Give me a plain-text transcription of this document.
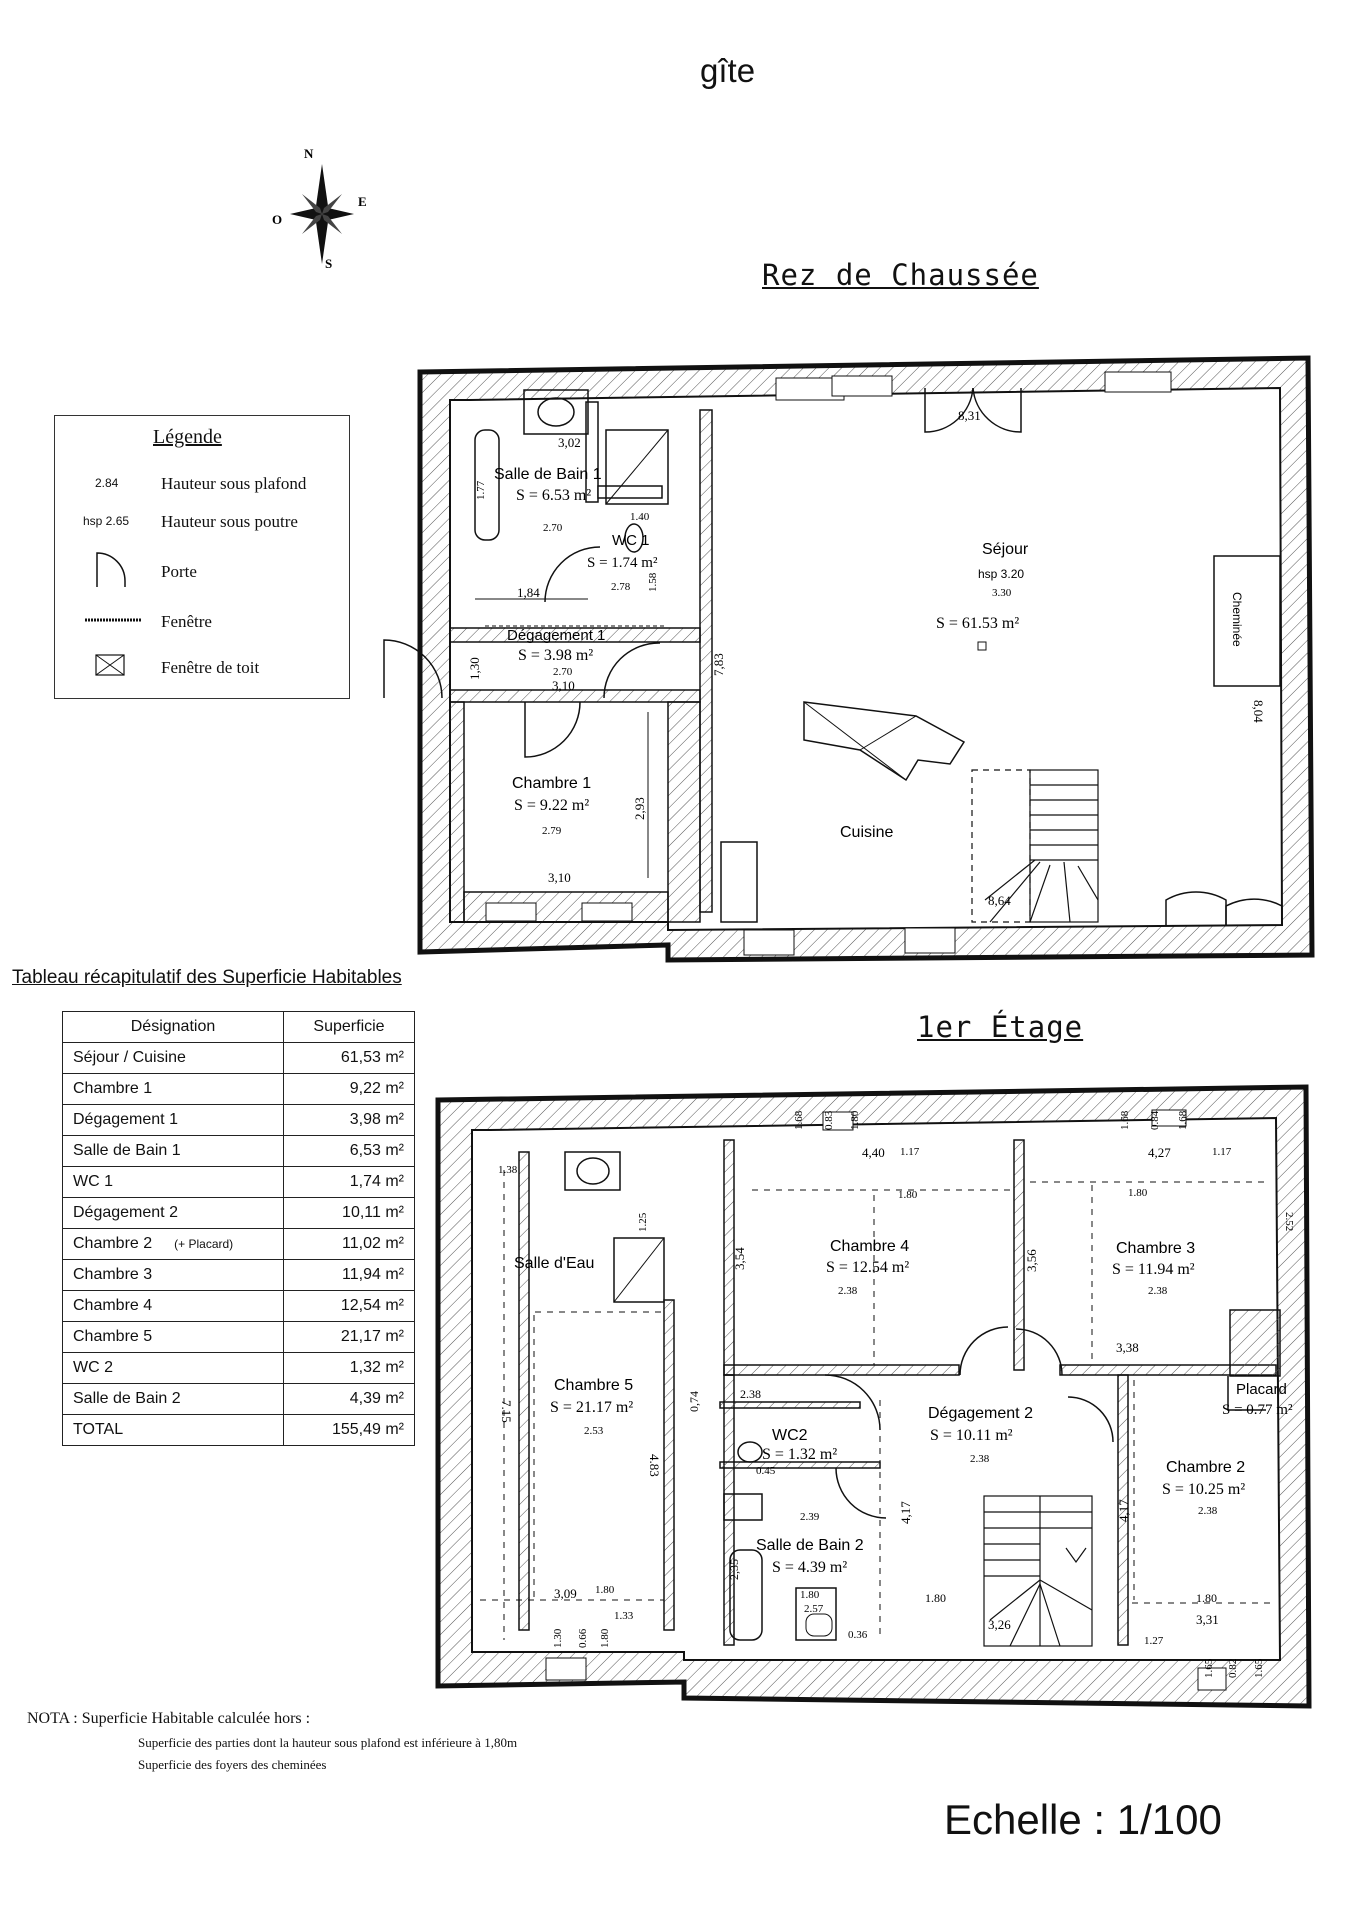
gîte
N
E
S
O
Rez de Chaussée
1er Étage
Légende
2.84	Hauteur sous plafond
hsp 2.65 Hauteur sous poutre
Porte
Fenêtre
Fenêtre de toit
Salle de Bain 1
S = 6.53 m²
2.70
3,02
1.77
WC 1
S = 1.74 m²
2.78
1.40
1.58
Dégagement 1
S = 3.98 m²
2.70
3,10
1,84
1,30
Chambre 1
S = 9.22 m²
2.79
3,10
2,93
Séjour
hsp 3.20
3.30
S = 61.53 m²
8,31
7,83
8,04
8,64
Cuisine
Cheminée
Tableau récapitulatif des Superficie Habitables
Désignation	Superficie
Séjour / Cuisine	61,53 m²
Chambre 1	9,22 m²
Dégagement 1	3,98 m²
Salle de Bain 1	6,53 m²
WC 1	1,74 m²
Dégagement 2	10,11 m²
Chambre 2 (+ Placard)	11,02 m²
Chambre 3	11,94 m²
Chambre 4	12,54 m²
Chambre 5	21,17 m²
WC 2	1,32 m²
Salle de Bain 2	4,39 m²
TOTAL	155,49 m²
1.38
1.25
Salle d'Eau
Chambre 5
S = 21.17 m²
2.53
7.15
4.83
3,09 1.80
1.33
1.30 0.66 1.80
Chambre 4
S = 12.54 m²
2.38
4,40 1.17
1.80
3,54
1.68 0.83 1.80
Chambre 3
S = 11.94 m²
2.38
4,27	1.17
1.80
3,38
3,56
2.52
1.68 0.84 1.68
Dégagement 2
S = 10.11 m²
2.38
1.80
4,17
3,26
WC2
S = 1.32 m²
2.38
0.45
0,74
Salle de Bain 2
S = 4.39 m²
2.39
2,35
2.57
1.80
0.36
Chambre 2
S = 10.25 m²
2.38
4,17
1.80
3,31
1.27
1.65 0.82 1.65
Placard
S = 0.77 m²
NOTA : Superficie Habitable calculée hors :
Superficie des parties dont la hauteur sous plafond est inférieure à 1,80m
Superficie des foyers des cheminées
Echelle : 1/100
